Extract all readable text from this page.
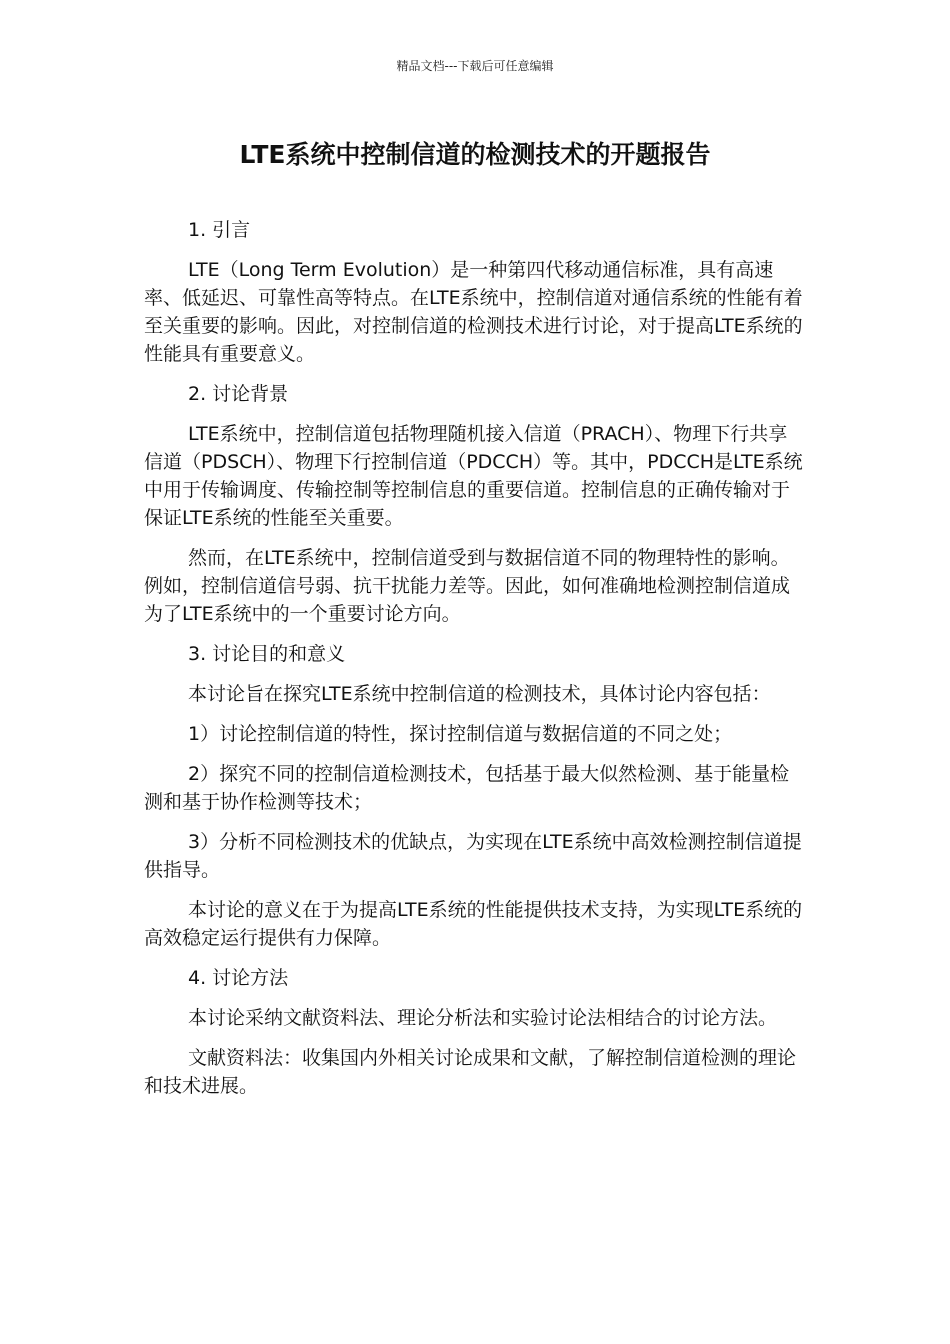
精品文档---下载后可任意编辑
LTE系统中控制信道的检测技术的开题报告

1. 引言

LTE（Long Term Evolution）是一种第四代移动通信标准，具有高速率、低延迟、可靠性高等特点。在LTE系统中，控制信道对通信系统的性能有着至关重要的影响。因此，对控制信道的检测技术进行讨论，对于提高LTE系统的性能具有重要意义。

2. 讨论背景

LTE系统中，控制信道包括物理随机接入信道（PRACH）、物理下行共享信道（PDSCH）、物理下行控制信道（PDCCH）等。其中，PDCCH是LTE系统中用于传输调度、传输控制等控制信息的重要信道。控制信息的正确传输对于保证LTE系统的性能至关重要。

然而，在LTE系统中，控制信道受到与数据信道不同的物理特性的影响。例如，控制信道信号弱、抗干扰能力差等。因此，如何准确地检测控制信道成为了LTE系统中的一个重要讨论方向。

3. 讨论目的和意义

本讨论旨在探究LTE系统中控制信道的检测技术，具体讨论内容包括：

1）讨论控制信道的特性，探讨控制信道与数据信道的不同之处；

2）探究不同的控制信道检测技术，包括基于最大似然检测、基于能量检测和基于协作检测等技术；

3）分析不同检测技术的优缺点，为实现在LTE系统中高效检测控制信道提供指导。

本讨论的意义在于为提高LTE系统的性能提供技术支持，为实现LTE系统的高效稳定运行提供有力保障。

4. 讨论方法

本讨论采纳文献资料法、理论分析法和实验讨论法相结合的讨论方法。

文献资料法：收集国内外相关讨论成果和文献，了解控制信道检测的理论和技术进展。
